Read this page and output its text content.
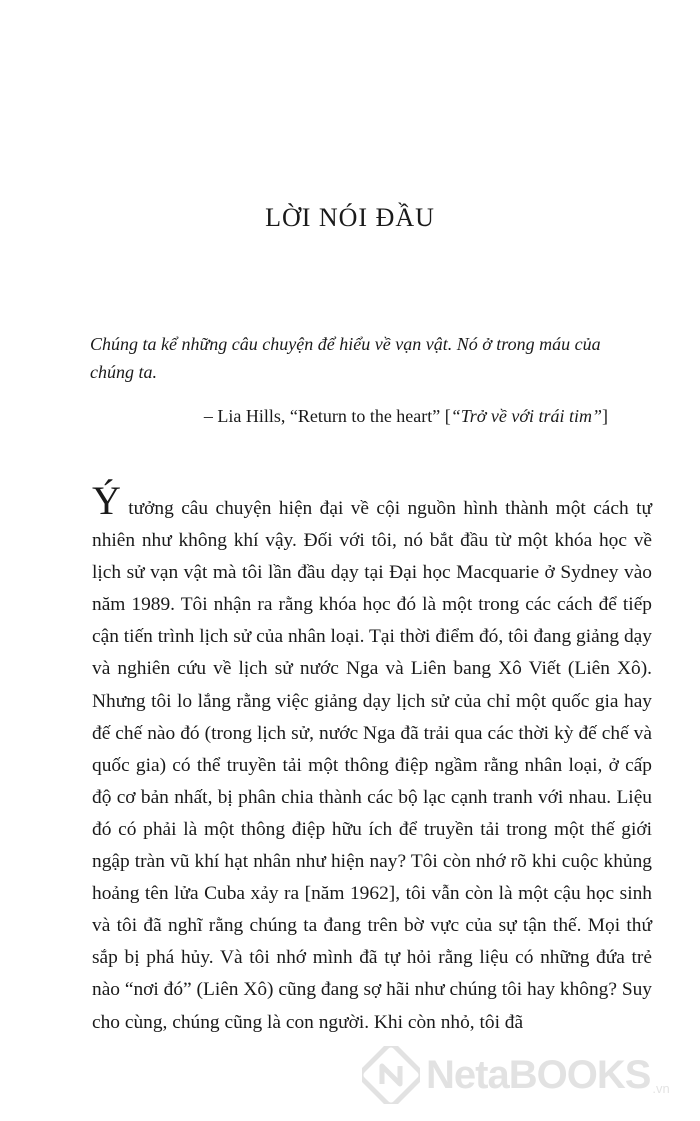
LỜI NÓI ĐẦU

Chúng ta kể những câu chuyện để hiểu về vạn vật. Nó ở trong máu của chúng ta.

– Lia Hills, “Return to the heart” [“Trở về với trái tim”]

Ý tưởng câu chuyện hiện đại về cội nguồn hình thành một cách tự nhiên như không khí vậy. Đối với tôi, nó bắt đầu từ một khóa học về lịch sử vạn vật mà tôi lần đầu dạy tại Đại học Macquarie ở Sydney vào năm 1989. Tôi nhận ra rằng khóa học đó là một trong các cách để tiếp cận tiến trình lịch sử của nhân loại. Tại thời điểm đó, tôi đang giảng dạy và nghiên cứu về lịch sử nước Nga và Liên bang Xô Viết (Liên Xô). Nhưng tôi lo lắng rằng việc giảng dạy lịch sử của chỉ một quốc gia hay đế chế nào đó (trong lịch sử, nước Nga đã trải qua các thời kỳ đế chế và quốc gia) có thể truyền tải một thông điệp ngầm rằng nhân loại, ở cấp độ cơ bản nhất, bị phân chia thành các bộ lạc cạnh tranh với nhau. Liệu đó có phải là một thông điệp hữu ích để truyền tải trong một thế giới ngập tràn vũ khí hạt nhân như hiện nay? Tôi còn nhớ rõ khi cuộc khủng hoảng tên lửa Cuba xảy ra [năm 1962], tôi vẫn còn là một cậu học sinh và tôi đã nghĩ rằng chúng ta đang trên bờ vực của sự tận thế. Mọi thứ sắp bị phá hủy. Và tôi nhớ mình đã tự hỏi rằng liệu có những đứa trẻ nào “nơi đó” (Liên Xô) cũng đang sợ hãi như chúng tôi hay không? Suy cho cùng, chúng cũng là con người. Khi còn nhỏ, tôi đã

NetaBOOKS .vn
